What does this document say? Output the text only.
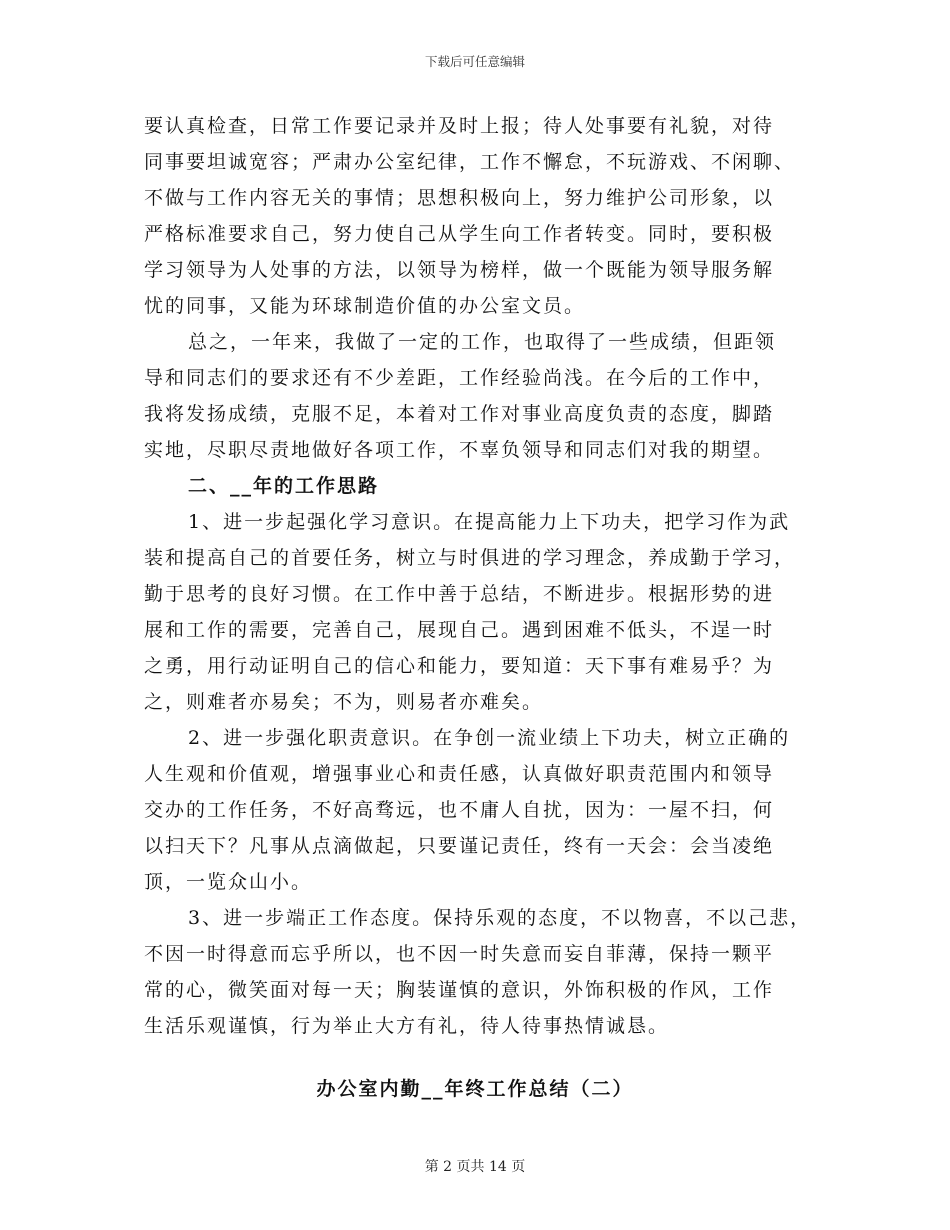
下载后可任意编辑
要认真检查，日常工作要记录并及时上报；待人处事要有礼貌，对待
同事要坦诚宽容；严肃办公室纪律，工作不懈怠，不玩游戏、不闲聊、
不做与工作内容无关的事情；思想积极向上，努力维护公司形象，以
严格标准要求自己，努力使自己从学生向工作者转变。同时，要积极
学习领导为人处事的方法，以领导为榜样，做一个既能为领导服务解
忧的同事，又能为环球制造价值的办公室文员。
总之，一年来，我做了一定的工作，也取得了一些成绩，但距领
导和同志们的要求还有不少差距，工作经验尚浅。在今后的工作中，
我将发扬成绩，克服不足，本着对工作对事业高度负责的态度，脚踏
实地，尽职尽责地做好各项工作，不辜负领导和同志们对我的期望。
二、__年的工作思路
1、进一步起强化学习意识。在提高能力上下功夫，把学习作为武
装和提高自己的首要任务，树立与时俱进的学习理念，养成勤于学习，
勤于思考的良好习惯。在工作中善于总结，不断进步。根据形势的进
展和工作的需要，完善自己，展现自己。遇到困难不低头，不逞一时
之勇，用行动证明自己的信心和能力，要知道：天下事有难易乎？为
之，则难者亦易矣；不为，则易者亦难矣。
2、进一步强化职责意识。在争创一流业绩上下功夫，树立正确的
人生观和价值观，增强事业心和责任感，认真做好职责范围内和领导
交办的工作任务，不好高骛远，也不庸人自扰，因为：一屋不扫，何
以扫天下？凡事从点滴做起，只要谨记责任，终有一天会：会当凌绝
顶，一览众山小。
3、进一步端正工作态度。保持乐观的态度，不以物喜，不以己悲，
不因一时得意而忘乎所以，也不因一时失意而妄自菲薄，保持一颗平
常的心，微笑面对每一天；胸装谨慎的意识，外饰积极的作风，工作
生活乐观谨慎，行为举止大方有礼，待人待事热情诚恳。
办公室内勤__年终工作总结（二）
第 2 页共 14 页
